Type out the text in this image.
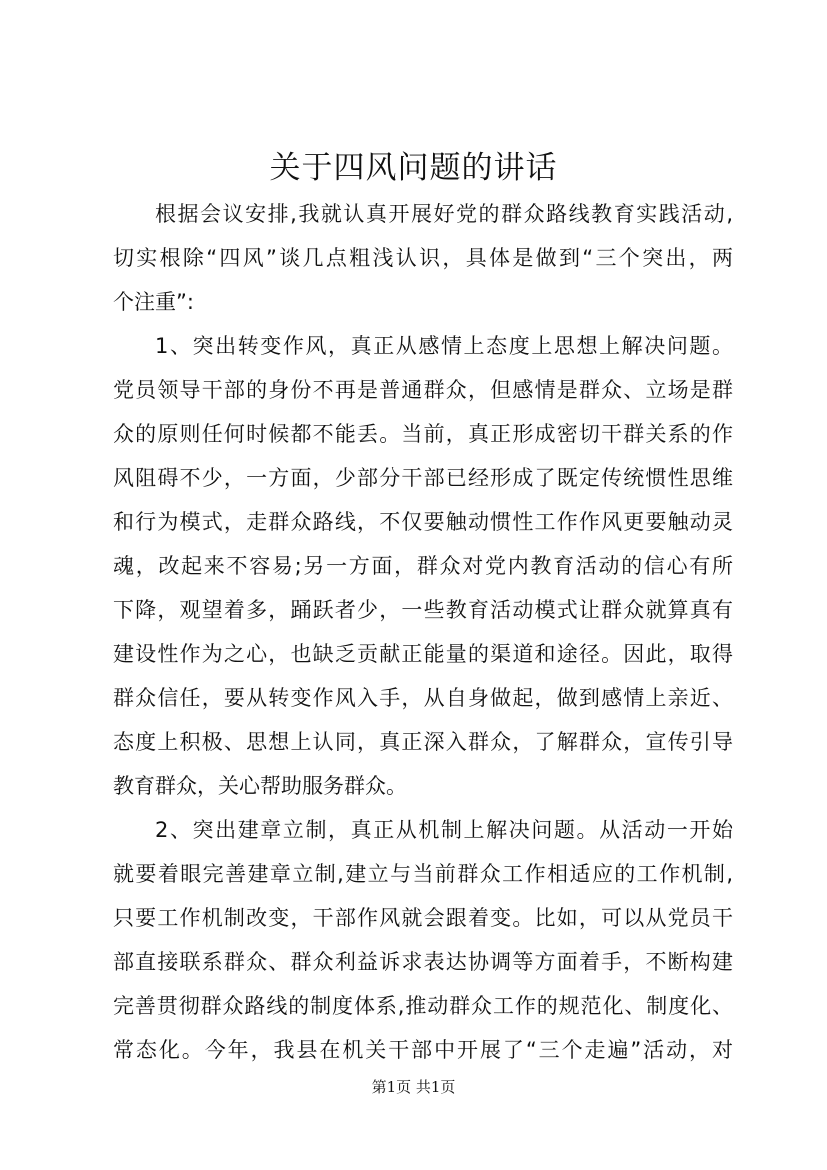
关于四风问题的讲话
根据会议安排,我就认真开展好党的群众路线教育实践活动,
切实根除“四风”谈几点粗浅认识，具体是做到“三个突出，两
个注重”:
1、突出转变作风，真正从感情上态度上思想上解决问题。
党员领导干部的身份不再是普通群众，但感情是群众、立场是群
众的原则任何时候都不能丢。当前，真正形成密切干群关系的作
风阻碍不少，一方面，少部分干部已经形成了既定传统惯性思维
和行为模式，走群众路线，不仅要触动惯性工作作风更要触动灵
魂，改起来不容易;另一方面，群众对党内教育活动的信心有所
下降，观望着多，踊跃者少，一些教育活动模式让群众就算真有
建设性作为之心，也缺乏贡献正能量的渠道和途径。因此，取得
群众信任，要从转变作风入手，从自身做起，做到感情上亲近、
态度上积极、思想上认同，真正深入群众，了解群众，宣传引导
教育群众，关心帮助服务群众。
2、突出建章立制，真正从机制上解决问题。从活动一开始
就要着眼完善建章立制,建立与当前群众工作相适应的工作机制,
只要工作机制改变，干部作风就会跟着变。比如，可以从党员干
部直接联系群众、群众利益诉求表达协调等方面着手，不断构建
完善贯彻群众路线的制度体系,推动群众工作的规范化、制度化、
常态化。今年，我县在机关干部中开展了“三个走遍”活动，对
第1页 共1页
